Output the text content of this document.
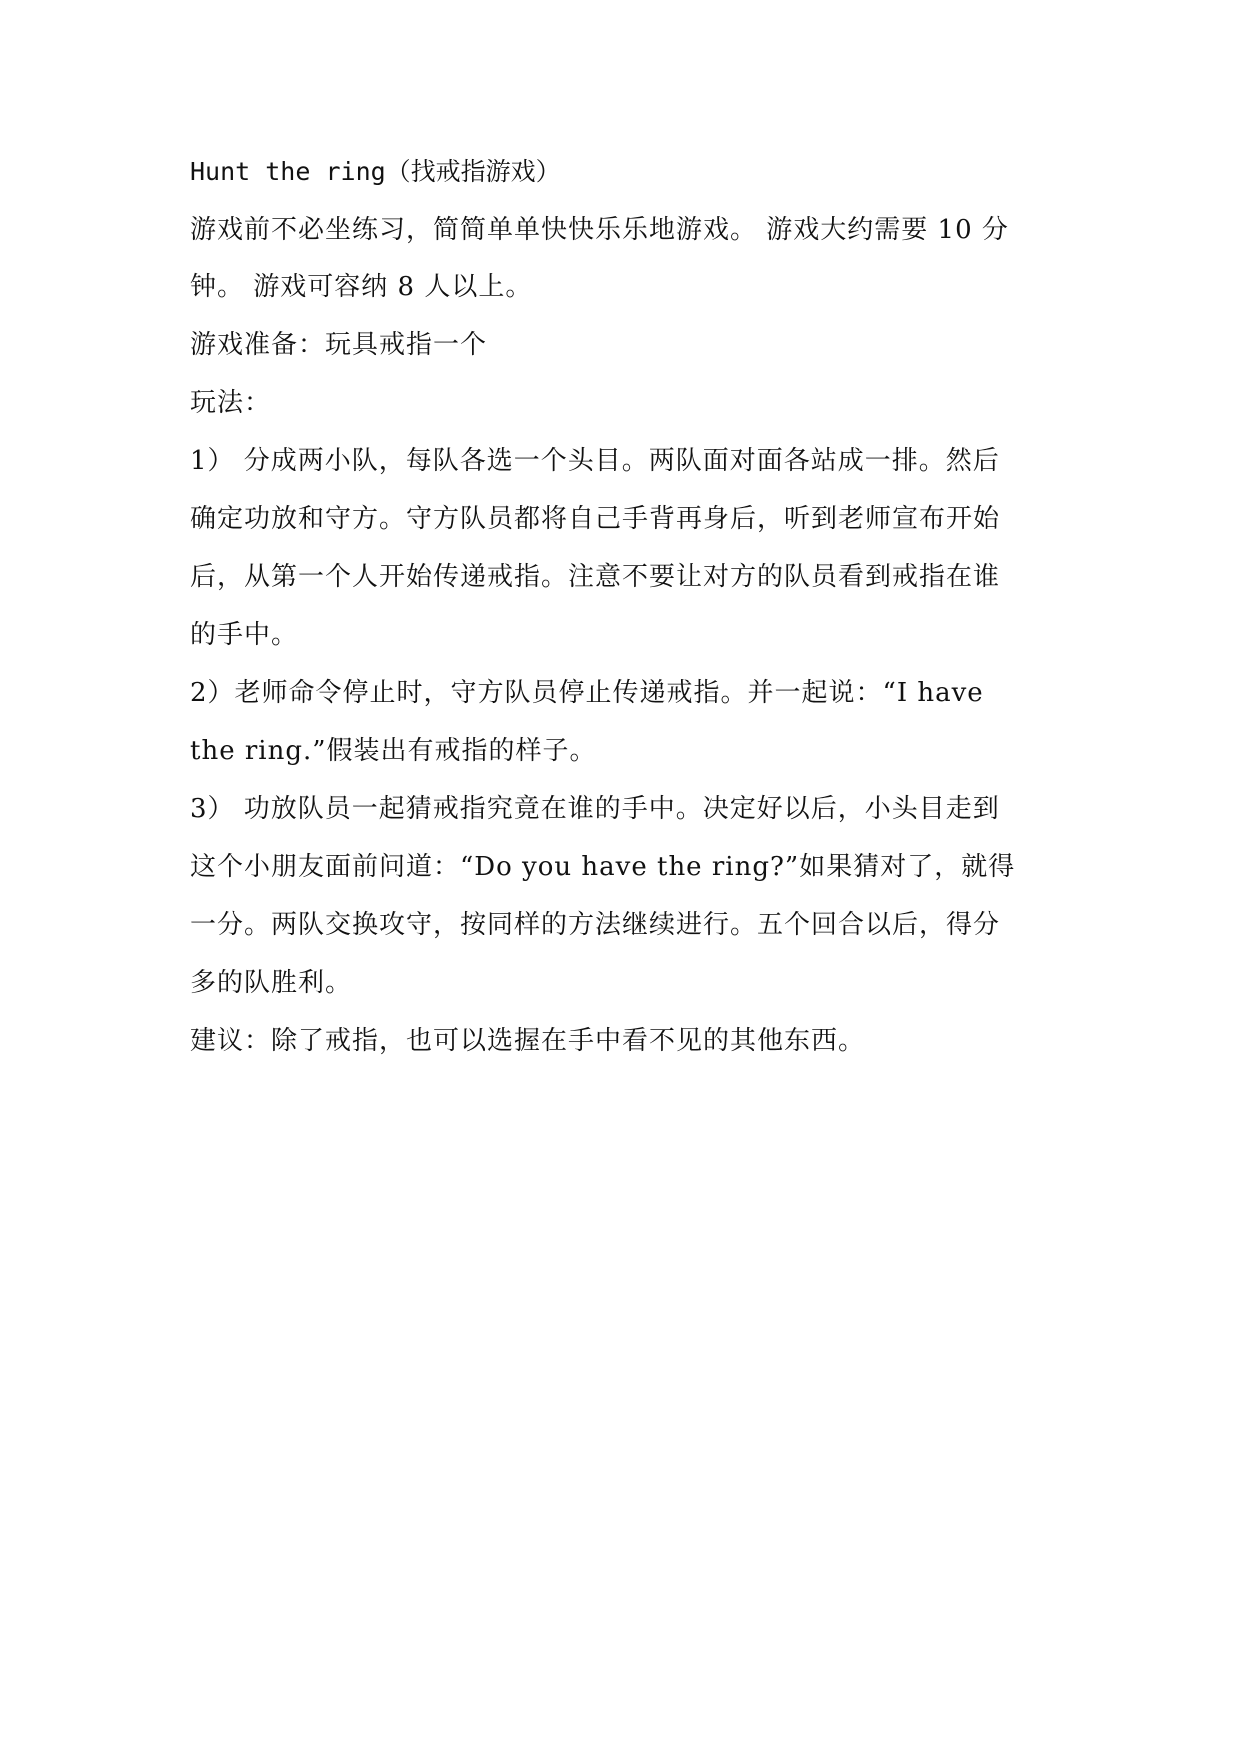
Hunt the ring（找戒指游戏）
游戏前不必坐练习，简简单单快快乐乐地游戏。 游戏大约需要 10 分
钟。 游戏可容纳 8 人以上。
游戏准备：玩具戒指一个
玩法：
1） 分成两小队，每队各选一个头目。两队面对面各站成一排。然后
确定功放和守方。守方队员都将自己手背再身后，听到老师宣布开始
后，从第一个人开始传递戒指。注意不要让对方的队员看到戒指在谁
的手中。
2）老师命令停止时，守方队员停止传递戒指。并一起说：“I have
the ring.”假装出有戒指的样子。
3） 功放队员一起猜戒指究竟在谁的手中。决定好以后，小头目走到
这个小朋友面前问道：“Do you have the ring?”如果猜对了，就得
一分。两队交换攻守，按同样的方法继续进行。五个回合以后，得分
多的队胜利。
建议：除了戒指，也可以选握在手中看不见的其他东西。
